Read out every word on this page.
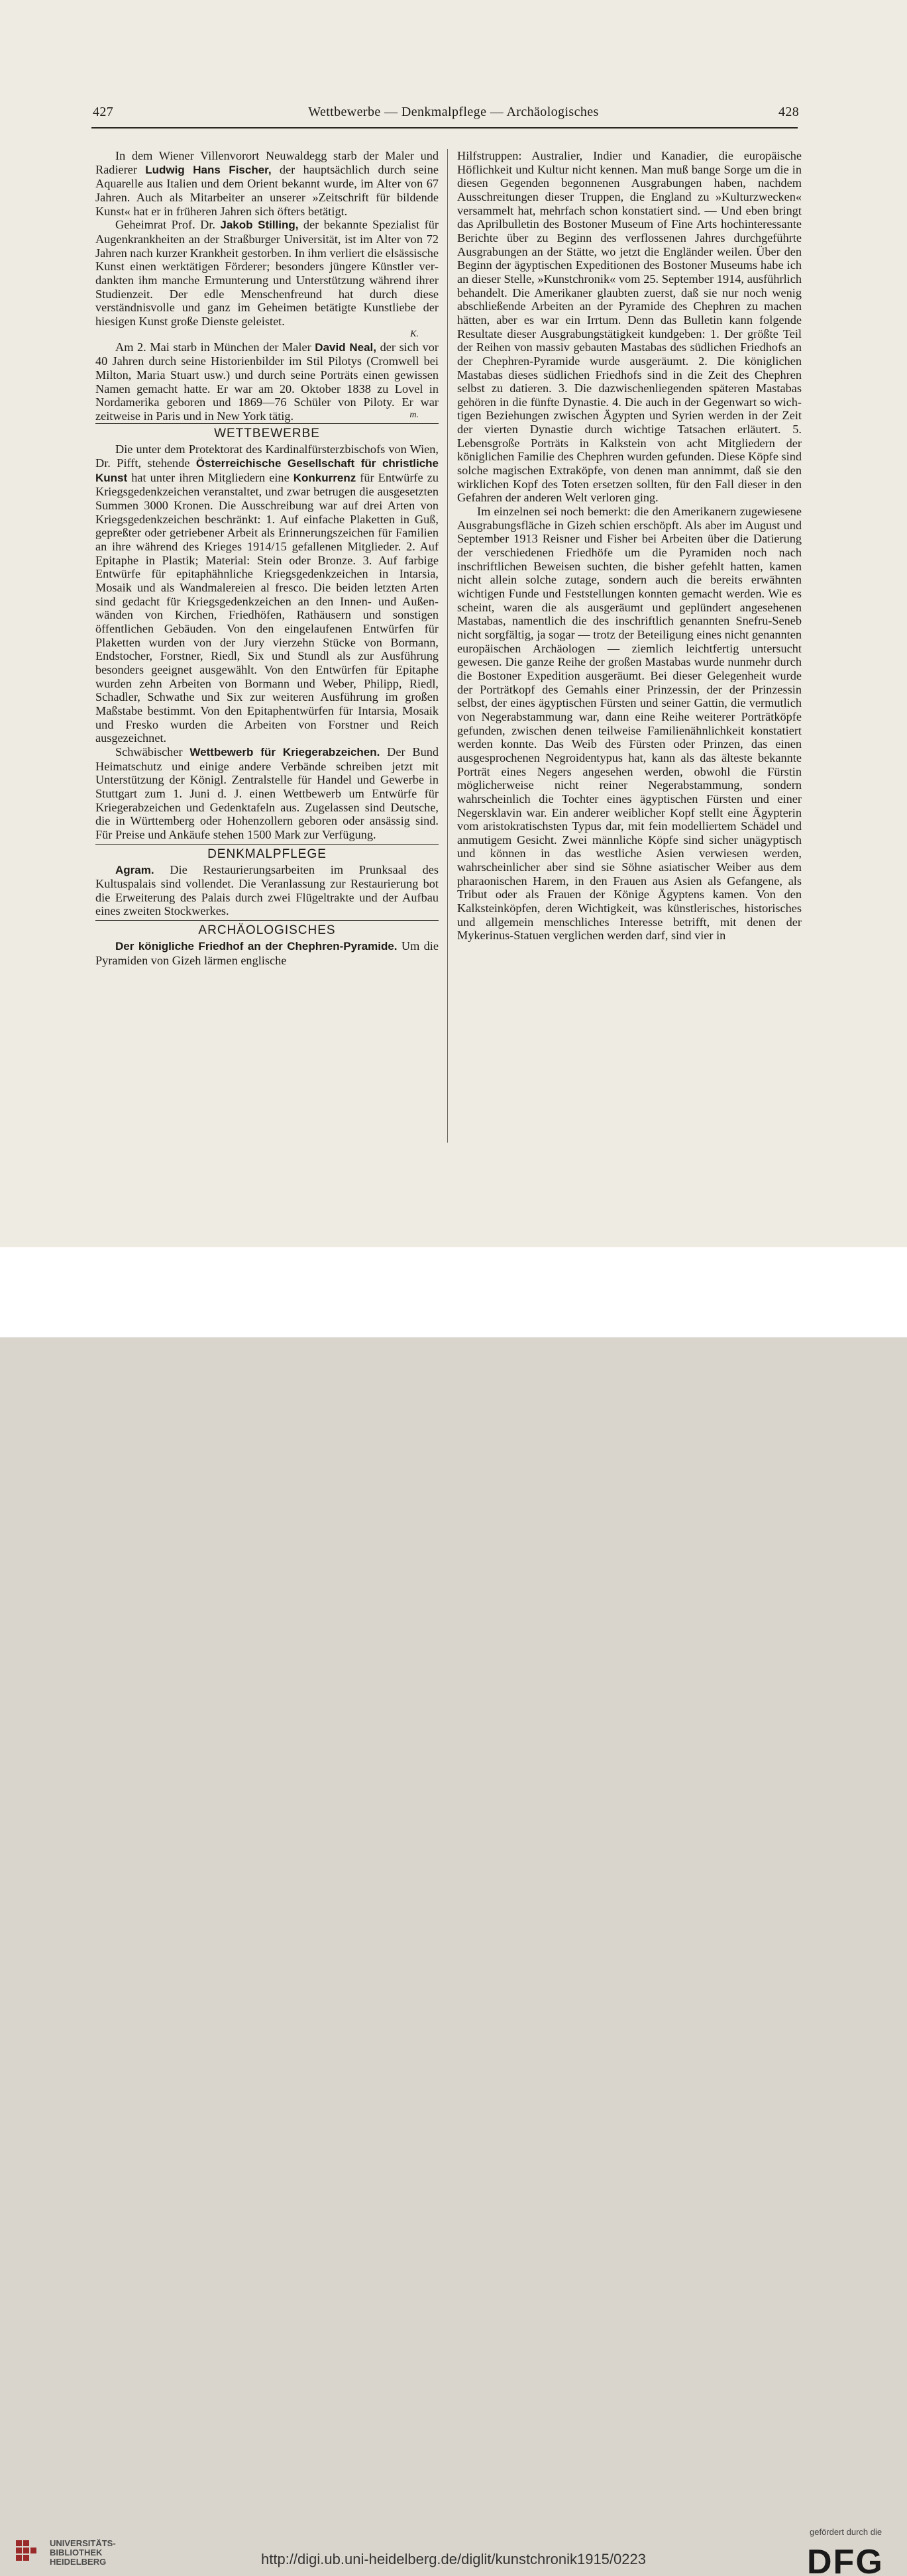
427	Wettbewerbe — Denkmalpflege — Archäologisches	428

In dem Wiener Villenvorort Neuwaldegg starb der Maler und Radierer Ludwig Hans Fischer, der hauptsächlich durch seine Aquarelle aus Italien und dem Orient bekannt wurde, im Alter von 67 Jahren. Auch als Mitarbeiter an unserer »Zeitschrift für bildende Kunst« hat er in früheren Jahren sich öfters betätigt.

Geheimrat Prof. Dr. Jakob Stilling, der bekannte Spezialist für Augenkrankheiten an der Straßburger Universität, ist im Alter von 72 Jahren nach kurzer Krankheit gestorben. In ihm verliert die elsässische Kunst einen werktätigen Förderer; besonders jüngere Künstler verdankten ihm manche Ermunterung und Unterstützung während ihrer Studienzeit. Der edle Menschenfreund hat durch diese verständnisvolle und ganz im Geheimen betätigte Kunstliebe der hiesigen Kunst große Dienste geleistet.

K.

Am 2. Mai starb in München der Maler David Neal, der sich vor 40 Jahren durch seine Historienbilder im Stil Pilotys (Cromwell bei Milton, Maria Stuart usw.) und durch seine Porträts einen gewissen Namen gemacht hatte. Er war am 20. Oktober 1838 zu Lovel in Nordamerika geboren und 1869—76 Schüler von Piloty. Er war zeitweise in Paris und in New York tätig.	m.
WETTBEWERBE

Die unter dem Protektorat des Kardinalfürsterzbischofs von Wien, Dr. Pifft, stehende Österreichische Gesellschaft für christliche Kunst hat unter ihren Mitgliedern eine Konkurrenz für Entwürfe zu Kriegsgedenkzeichen veranstaltet, und zwar betrugen die ausgesetzten Summen 3000 Kronen. Die Ausschreibung war auf drei Arten von Kriegsgedenkzeichen beschränkt: 1. Auf einfache Plaketten in Guß, gepreßter oder getriebener Arbeit als Erinnerungszeichen für Familien an ihre während des Krieges 1914/15 gefallenen Mitglieder. 2. Auf Epitaphe in Plastik; Material: Stein oder Bronze. 3. Auf farbige Entwürfe für epitaphähnliche Kriegsgedenkzeichen in Intarsia, Mosaik und als Wandmalereien al fresco. Die beiden letzten Arten sind gedacht für Kriegsgedenkzeichen an den Innen- und Außenwänden von Kirchen, Friedhöfen, Rathäusern und sonstigen öffentlichen Gebäuden. Von den eingelaufenen Entwürfen für Plaketten wurden von der Jury vierzehn Stücke von Bormann, Endstocher, Forstner, Riedl, Six und Stundl als zur Ausführung besonders geeignet ausgewählt. Von den Entwürfen für Epitaphe wurden zehn Arbeiten von Bormann und Weber, Philipp, Riedl, Schadler, Schwathe und Six zur weiteren Ausführung im großen Maßstabe bestimmt. Von den Epitaphentwürfen für Intarsia, Mosaik und Fresko wurden die Arbeiten von Forstner und Reich ausgezeichnet.

Schwäbischer Wettbewerb für Kriegerabzeichen. Der Bund Heimatschutz und einige andere Verbände schreiben jetzt mit Unterstützung der Königl. Zentralstelle für Handel und Gewerbe in Stuttgart zum 1. Juni d. J. einen Wettbewerb um Entwürfe für Kriegerabzeichen und Gedenktafeln aus. Zugelassen sind Deutsche, die in Württemberg oder Hohenzollern geboren oder ansässig sind. Für Preise und Ankäufe stehen 1500 Mark zur Verfügung.

DENKMALPFLEGE

Agram. Die Restaurierungsarbeiten im Prunksaal des Kultuspalais sind vollendet. Die Veranlassung zur Restaurierung bot die Erweiterung des Palais durch zwei Flügeltrakte und der Aufbau eines zweiten Stockwerkes.

ARCHÄOLOGISCHES

Der königliche Friedhof an der Chephren-Pyramide. Um die Pyramiden von Gizeh lärmen englische

Hilfstruppen: Australier, Indier und Kanadier, die europäische Höflichkeit und Kultur nicht kennen. Man muß bange Sorge um die in diesen Gegenden begonnenen Ausgrabungen haben, nachdem Ausschreitungen dieser Truppen, die England zu »Kulturzwecken« versammelt hat, mehrfach schon konstatiert sind. — Und eben bringt das Aprilbulletin des Bostoner Museum of Fine Arts hochinteressante Berichte über zu Beginn des verflossenen Jahres durchgeführte Ausgrabungen an der Stätte, wo jetzt die Engländer weilen. Über den Beginn der ägyptischen Expeditionen des Bostoner Museums habe ich an dieser Stelle, »Kunstchronik« vom 25. September 1914, ausführlich behandelt. Die Amerikaner glaubten zuerst, daß sie nur noch wenig abschließende Arbeiten an der Pyramide des Chephren zu machen hätten, aber es war ein Irrtum. Denn das Bulletin kann folgende Resultate dieser Ausgrabungstätigkeit kundgeben: 1. Der größte Teil der Reihen von massiv gebauten Mastabas des südlichen Friedhofs an der Chephren-Pyramide wurde ausgeräumt. 2. Die königlichen Mastabas dieses südlichen Friedhofs sind in die Zeit des Chephren selbst zu datieren. 3. Die dazwischenliegenden späteren Mastabas gehören in die fünfte Dynastie. 4. Die auch in der Gegenwart so wichtigen Beziehungen zwischen Ägypten und Syrien werden in der Zeit der vierten Dynastie durch wichtige Tatsachen erläutert. 5. Lebensgroße Porträts in Kalkstein von acht Mitgliedern der königlichen Familie des Chephren wurden gefunden. Diese Köpfe sind solche magischen Extraköpfe, von denen man annimmt, daß sie den wirklichen Kopf des Toten ersetzen sollten, für den Fall dieser in den Gefahren der anderen Welt verloren ging.

Im einzelnen sei noch bemerkt: die den Amerikanern zugewiesene Ausgrabungsfläche in Gizeh schien erschöpft. Als aber im August und September 1913 Reisner und Fisher bei Arbeiten über die Datierung der verschiedenen Friedhöfe um die Pyramiden noch nach inschriftlichen Beweisen suchten, die bisher gefehlt hatten, kamen nicht allein solche zutage, sondern auch die bereits erwähnten wichtigen Funde und Feststellungen konnten gemacht werden. Wie es scheint, waren die als ausgeräumt und geplündert angesehenen Mastabas, namentlich die des inschriftlich genannten Snefru-Seneb nicht sorgfältig, ja sogar — trotz der Beteiligung eines nicht genannten europäischen Archäologen — ziemlich leichtfertig untersucht gewesen. Die ganze Reihe der großen Mastabas wurde nunmehr durch die Bostoner Expedition ausgeräumt. Bei dieser Gelegenheit wurde der Porträtkopf des Gemahls einer Prinzessin, der der Prinzessin selbst, der eines ägyptischen Fürsten und seiner Gattin, die vermutlich von Negerabstammung war, dann eine Reihe weiterer Porträtköpfe gefunden, zwischen denen teilweise Familienähnlichkeit konstatiert werden konnte. Das Weib des Fürsten oder Prinzen, das einen ausgesprochenen Negroidentypus hat, kann als das älteste bekannte Porträt eines Negers angesehen werden, obwohl die Fürstin möglicherweise nicht reiner Negerabstammung, sondern wahrscheinlich die Tochter eines ägyptischen Fürsten und einer Negersklavin war. Ein anderer weiblicher Kopf stellt eine Ägypterin vom aristokratischsten Typus dar, mit fein modelliertem Schädel und anmutigem Gesicht. Zwei männliche Köpfe sind sicher unägyptisch und können in das westliche Asien verwiesen werden, wahrscheinlicher aber sind sie Söhne asiatischer Weiber aus dem pharaonischen Harem, in den Frauen aus Asien als Gefangene, als Tribut oder als Frauen der Könige Ägyptens kamen. Von den Kalksteinköpfen, deren Wichtigkeit, was künstlerisches, historisches und allgemein menschliches Interesse betrifft, mit denen der Mykerinus-Statuen verglichen werden darf, sind vier in

UNIVERSITÄTS-
BIBLIOTHEK
HEIDELBERG	http://digi.ub.uni-heidelberg.de/diglit/kunstchronik1915/0223
gefördert durch die
DFG
